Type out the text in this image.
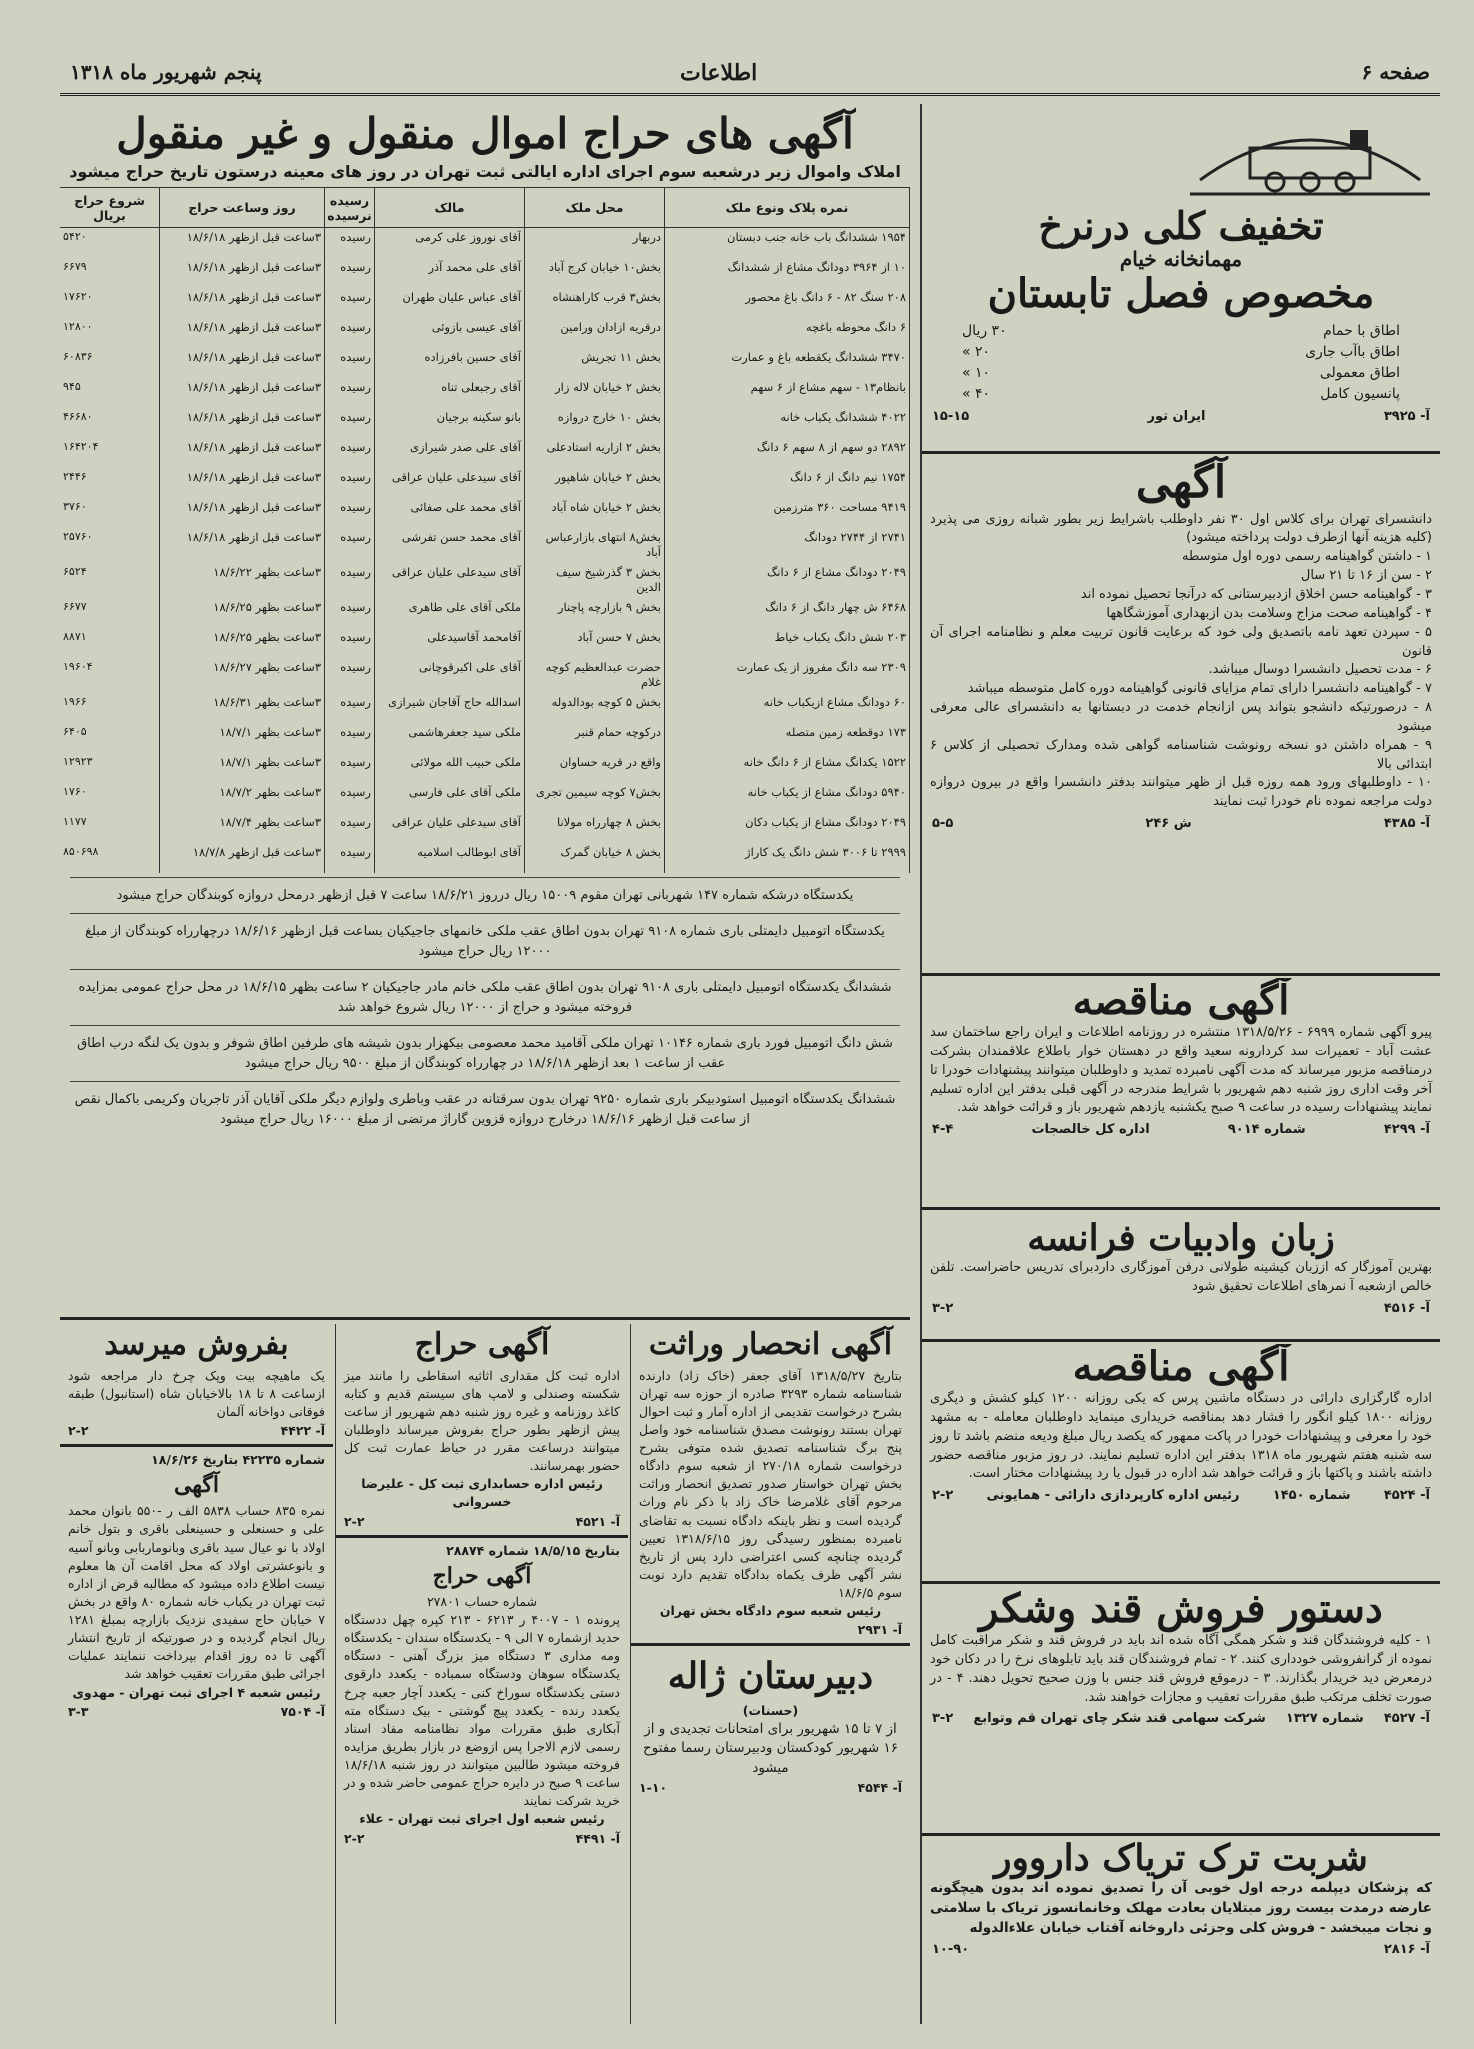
صفحه ۶
اطلاعات
پنجم شهریور ماه ۱۳۱۸
تخفیف کلی درنرخ
مهمانخانه خیام
مخصوص فصل تابستان
اطاق با حمام
۳۰ ریال
اطاق باآب جاری
۲۰ »
اطاق معمولی
۱۰ »
پانسیون کامل
۴۰ »
آ- ۳۹۲۵
ایران تور
۱۵-۱۵
آگهی
دانشسرای تهران برای کلاس اول ۳۰ نفر داوطلب باشرایط زیر بطور شبانه روزی می پذیرد (کلیه هزینه آنها ازطرف دولت پرداخته میشود)
۱ - داشتن گواهینامه رسمی دوره اول متوسطه
۲ - سن از ۱۶ تا ۲۱ سال
۳ - گواهینامه حسن اخلاق ازدبیرستانی که درآنجا تحصیل نموده اند
۴ - گواهینامه صحت مزاج وسلامت بدن ازبهداری آموزشگاهها
۵ - سپردن تعهد نامه باتصدیق ولی خود که برعایت قانون تربیت معلم و نظامنامه اجرای آن قانون
۶ - مدت تحصیل دانشسرا دوسال میباشد.
۷ - گواهینامه دانشسرا دارای تمام مزایای قانونی گواهینامه دوره کامل متوسطه میباشد
۸ - درصورتیکه دانشجو بتواند پس ازانجام خدمت در دبستانها به دانشسرای عالی معرفی میشود
۹ - همراه داشتن دو نسخه رونوشت شناسنامه گواهی شده ومدارک تحصیلی از کلاس ۶ ابتدائی بالا
۱۰ - داوطلبهای ورود همه روزه قبل از ظهر میتوانند بدفتر دانشسرا واقع در بیرون دروازه دولت مراجعه نموده نام خودرا ثبت نمایند
آ- ۴۳۸۵
ش ۲۴۶
۵-۵
آگهی مناقصه
پیرو آگهی شماره ۶۹۹۹ - ۱۳۱۸/۵/۲۶ منتشره در روزنامه اطلاعات و ایران راجع ساختمان سد عشت آباد - تعمیرات سد کردارونه سعید واقع در دهستان خوار باطلاع علاقمندان بشرکت درمناقصه مزبور میرساند که مدت آگهی نامبرده تمدید و داوطلبان میتوانند پیشنهادات خودرا تا آخر وقت اداری روز شنبه دهم شهریور با شرایط مندرجه در آگهی قبلی بدفتر این اداره تسلیم نمایند پیشنهادات رسیده در ساعت ۹ صبح یکشنبه یازدهم شهریور باز و قرائت خواهد شد.
آ- ۴۲۹۹
شماره ۹۰۱۴
اداره کل خالصجات
۴-۴
زبان وادبیات فرانسه
بهترین آموزگار که اززبان کیشینه طولانی درفن آموزگاری داردبرای تدریس حاضراست. تلفن خالص ازشعبه آ نمرهای اطلاعات تحقیق شود
آ- ۴۵۱۶
۳-۲
آگهی مناقصه
اداره گارگزاری دارائی در دستگاه ماشین پرس که یکی روزانه ۱۲۰۰ کیلو کشش و دیگری روزانه ۱۸۰۰ کیلو انگور را فشار دهد بمناقصه خریداری مینماید داوطلبان معامله - به مشهد خود را معرفی و پیشنهادات خودرا در پاکت ممهور که یکصد ریال مبلغ ودیعه منضم باشد تا روز سه شنبه هفتم شهریور ماه ۱۳۱۸ بدفتر این اداره تسلیم نمایند. در روز مزبور مناقصه حضور داشته باشند و پاکتها باز و قرائت خواهد شد اداره در قبول یا رد پیشنهادات مختار است.
آ- ۴۵۲۴
شماره ۱۴۵۰
رئیس اداره کارپردازی دارائی - همایونی
۲-۲
دستور فروش قند وشکر
۱ - کلیه فروشندگان قند و شکر همگی آگاه شده اند باید در فروش قند و شکر مراقبت کامل نموده از گرانفروشی خودداری کنند. ۲ - تمام فروشندگان قند باید تابلوهای نرخ را در دکان خود درمعرض دید خریدار بگذارند. ۳ - درموقع فروش قند جنس با وزن صحیح تحویل دهند. ۴ - در صورت تخلف مرتکب طبق مقررات تعقیب و مجازات خواهند شد.
آ- ۴۵۲۷
شماره ۱۳۲۷
شرکت سهامی قند شکر چای تهران قم وتوابع
۳-۲
شربت ترک تریاک داروور
که پزشکان دیپلمه درجه اول خوبی آن را تصدیق نموده اند بدون هیچگونه عارضه درمدت بیست روز مبتلایان بعادت مهلک وخانمانسوز تریاک با سلامتی و نجات میبخشد - فروش کلی وجزئی داروخانه آفتاب خیابان علاءالدوله
آ- ۲۸۱۶
۱۰-۹۰
آگهی های حراج اموال منقول و غیر منقول
املاک واموال زیر درشعبه سوم اجرای اداره ایالتی ثبت تهران در روز های معینه درستون تاریخ حراج میشود
نمره پلاک ونوع ملک	محل ملک	مالک	رسیده نرسیده	روز وساعت حراج	شروع حراج بریال
۱۹۵۴ ششدانگ باب خانه جنب دبستان	دربهار	آقای نوروز علی کرمی	رسیده	۳ساعت قبل ازظهر ۱۸/۶/۱۸	۵۴۲۰
۱۰ از ۳۹۶۴ دودانگ مشاع از ششدانگ	بخش۱۰ خیابان کرج آباد	آقای علی محمد آذر	رسیده	۳ساعت قبل ازظهر ۱۸/۶/۱۸	۶۶۷۹
۲۰۸ سنگ ۸۲ - ۶ دانگ باغ محصور	بخش۳ قرب کاراهنشاه	آقای عباس علیان طهران	رسیده	۳ساعت قبل ازظهر ۱۸/۶/۱۸	۱۷۶۲۰
۶ دانگ محوطه باغچه	درقریه ازادان ورامین	آقای عیسی بازوئی	رسیده	۳ساعت قبل ازظهر ۱۸/۶/۱۸	۱۲۸۰۰
۳۴۷۰ ششدانگ یکقطعه باغ و عمارت	بخش ۱۱ تجریش	آقای حسین بافرزاده	رسیده	۳ساعت قبل ازظهر ۱۸/۶/۱۸	۶۰۸۳۶
بانظام۱۳ - سهم مشاع از ۶ سهم	بخش ۲ خیابان لاله زار	آقای رجبعلی تناه	رسیده	۳ساعت قبل ازظهر ۱۸/۶/۱۸	۹۴۵
۴۰۲۲ ششدانگ یکباب خانه	بخش ۱۰ خارج دروازه	بانو سکینه برجیان	رسیده	۳ساعت قبل ازظهر ۱۸/۶/۱۸	۴۶۶۸۰
۲۸۹۲ دو سهم از ۸ سهم ۶ دانگ	بخش ۲ ازاریه استادعلی	آقای علی صدر شیرازی	رسیده	۳ساعت قبل ازظهر ۱۸/۶/۱۸	۱۶۴۲۰۴
۱۷۵۴ نیم دانگ از ۶ دانگ	بخش ۲ خیابان شاهپور	آقای سیدعلی علیان عراقی	رسیده	۳ساعت قبل ازظهر ۱۸/۶/۱۸	۲۴۴۶
۹۴۱۹ مساحت ۳۶۰ مترزمین	بخش ۲ خیابان شاه آباد	آقای محمد علی صفائی	رسیده	۳ساعت قبل ازظهر ۱۸/۶/۱۸	۳۷۶۰
۲۷۴۱ از ۲۷۴۴ دودانگ	بخش۸ انتهای بازارعباس آباد	آقای محمد حسن تفرشی	رسیده	۳ساعت قبل ازظهر ۱۸/۶/۱۸	۲۵۷۶۰
۲۰۴۹ دودانگ مشاع از ۶ دانگ	بخش ۳ گذرشیخ سیف الدین	آقای سیدعلی علیان عراقی	رسیده	۳ساعت بظهر ۱۸/۶/۲۲	۶۵۲۴
۶۴۶۸ ش چهار دانگ از ۶ دانگ	بخش ۹ بازارچه پاچنار	ملکی آقای علی طاهری	رسیده	۳ساعت بظهر ۱۸/۶/۲۵	۶۶۷۷
۲۰۳ شش دانگ یکباب خیاط	بخش ۷ حسن آباد	آقامحمد آقاسیدعلی	رسیده	۳ساعت بظهر ۱۸/۶/۲۵	۸۸۷۱
۲۳۰۹ سه دانگ مفروز از یک عمارت	حضرت عبدالعظیم کوچه غلام	آقای علی اکبرقوچانی	رسیده	۳ساعت بظهر ۱۸/۶/۲۷	۱۹۶۰۴
۶۰ دودانگ مشاع ازیکباب خانه	بخش ۵ کوچه بودالدوله	اسدالله حاج آقاجان شیرازی	رسیده	۳ساعت بظهر ۱۸/۶/۳۱	۱۹۶۶
۱۷۳ دوقطعه زمین متصله	درکوچه حمام قنبر	ملکی سید جعفرهاشمی	رسیده	۳ساعت بظهر ۱۸/۷/۱	۶۴۰۵
۱۵۲۲ یکدانگ مشاع از ۶ دانگ خانه	واقع در قریه حساوان	ملکی حبیب الله مولائی	رسیده	۳ساعت بظهر ۱۸/۷/۱	۱۲۹۲۳
۵۹۴۰ دودانگ مشاع از یکباب خانه	بخش۷ کوچه سیمین تجری	ملکی آقای علی فارسی	رسیده	۳ساعت بظهر ۱۸/۷/۲	۱۷۶۰
۲۰۴۹ دودانگ مشاع از یکباب دکان	بخش ۸ چهارراه مولانا	آقای سیدعلی علیان عراقی	رسیده	۳ساعت بظهر ۱۸/۷/۴	۱۱۷۷
۲۹۹۹ تا ۳۰۰۶ شش دانگ یک کاراژ	بخش ۸ خیابان گمرک	آقای ابوطالب اسلامیه	رسیده	۳ساعت قبل ازظهر ۱۸/۷/۸	۸۵۰۶۹۸

یکدستگاه درشکه شماره ۱۴۷ شهربانی تهران مقوم ۱۵۰۰۹ ریال درروز ۱۸/۶/۲۱ ساعت ۷ قبل ازظهر درمحل دروازه کوبندگان حراج میشود

یکدستگاه اتومبیل دایمتلی باری شماره ۹۱۰۸ تهران بدون اطاق عقب ملکی خانمهای جاجیکیان بساعت قبل ازظهر ۱۸/۶/۱۶ درچهارراه کوبندگان از مبلغ ۱۲۰۰۰ ریال حراج میشود

ششدانگ یکدستگاه اتومبیل دایمتلی باری ۹۱۰۸ تهران بدون اطاق عقب ملکی خانم مادر جاجیکیان ۲ ساعت بظهر ۱۸/۶/۱۵ در محل حراج عمومی بمزایده فروخته میشود و حراج از ۱۲۰۰۰ ریال شروع خواهد شد

شش دانگ اتومبیل فورد باری شماره ۱۰۱۴۶ تهران ملکی آقامید محمد معصومی بیکهزار بدون شیشه های طرفین اطاق شوفر و بدون یک لنگه درب اطاق عقب از ساعت ۱ بعد ازظهر ۱۸/۶/۱۸ در چهارراه کوبندگان از مبلغ ۹۵۰۰ ریال حراج میشود

ششدانگ یکدستگاه اتومبیل استودبیکر باری شماره ۹۲۵۰ تهران بدون سرقتانه در عقب وباطری ولوازم دیگر ملکی آقایان آذر تاجریان وکریمی باکمال نقص از ساعت قبل ازظهر ۱۸/۶/۱۶ درخارج دروازه قزوین گاراژ مرتضی از مبلغ ۱۶۰۰۰ ریال حراج میشود

آگهی انحصار وراثت
بتاریخ ۱۳۱۸/۵/۲۷ آقای جعفر (خاک زاد) دارنده شناسنامه شماره ۳۲۹۳ صادره از حوزه سه تهران بشرح درخواست تقدیمی از اداره آمار و ثبت احوال تهران بستند رونوشت مصدق شناسنامه خود واصل پنج برگ شناسنامه تصدیق شده متوفی بشرح درخواست شماره ۲۷۰/۱۸ از شعبه سوم دادگاه بخش تهران خواستار صدور تصدیق انحصار وراثت مرحوم آقای غلامرضا خاک زاد با ذکر نام وراث گردیده است و نظر باینکه دادگاه نسبت به تقاضای نامبرده بمنظور رسیدگی روز ۱۳۱۸/۶/۱۵ تعیین گردیده چنانچه کسی اعتراضی دارد پس از تاریخ نشر آگهی ظرف یکماه بدادگاه تقدیم دارد نوبت سوم ۱۸/۶/۵
رئیس شعبه سوم دادگاه بخش تهران
آ- ۲۹۳۱
دبیرستان ژاله
(حسنات)
از ۷ تا ۱۵ شهریور برای امتحانات تجدیدی و از ۱۶ شهریور کودکستان ودبیرستان رسما مفتوح میشود
آ- ۴۵۴۴
۱-۱۰
آگهی حراج
اداره ثبت کل مقداری اثاثیه اسقاطی را مانند میز شکسته وصندلی و لامپ های سیستم قدیم و کتابه کاغذ روزنامه و غیره روز شنبه دهم شهریور از ساعت پیش ازظهر بطور حراج بفروش میرساند داوطلبان میتوانند درساعت مقرر در حیاط عمارت ثبت کل حضور بهمرسانند.
رئیس اداره حسابداری ثبت کل - علیرضا خسروانی
آ- ۴۵۲۱
۲-۲
بتاریخ ۱۸/۵/۱۵ شماره ۲۸۸۷۴
آگهی حراج
شماره حساب ۲۷۸۰۱
پرونده ۱ - ۴۰۰۷ ر ۶۲۱۳ - ۲۱۳ کپره چهل ددستگاه حدید ازشماره ۷ الی ۹ - یکدستگاه سندان - یکدستگاه ومه مداری ۳ دستگاه میز بزرگ آهنی - دستگاه یکدستگاه سوهان ودستگاه سمباده - یکعدد دارقوی دستی یکدستگاه سوراخ کنی - یکعدد آچار جعبه چرخ یکعدد رنده - یکعدد پیچ گوشتی - بیک دستگاه مته آبکاری طبق مقررات مواد نظامنامه مفاد اسناد رسمی لازم الاجرا پس ازوضع در بازار بطریق مزایده فروخته میشود طالبین میتوانند در روز شنبه ۱۸/۶/۱۸ ساعت ۹ صبح در دایره حراج عمومی حاضر شده و در خرید شرکت نمایند
رئیس شعبه اول اجرای ثبت تهران - علاء
آ- ۴۴۹۱
۲-۲
بفروش میرسد
یک ماهیچه بیت وپک چرخ دار مراجعه شود ازساعت ۸ تا ۱۸ بالاخیابان شاه (استانبول) طبقه فوقانی دواخانه آلمان
آ- ۴۴۲۲
۲-۲
شماره ۴۲۲۳۵ بتاریخ ۱۸/۶/۲۶
آگهی
نمره ۸۳۵ حساب ۵۸۳۸ الف ر -۵۵۰ بانوان محمد علی و حسنعلی و حسینعلی باقری و بتول خانم اولاد با نو عیال سید باقری وبانوماربابی وبانو آسیه و بانوعشرتی اولاد که محل اقامت آن ها معلوم نیست اطلاع داده میشود که مطالبه قرض از اداره ثبت تهران در یکباب خانه شماره ۸۰ واقع در بخش ۷ خیابان حاج سفیدی نزدیک بازارچه بمبلغ ۱۲۸۱ ریال انجام گردیده و در صورتیکه از تاریخ انتشار آگهی تا ده روز اقدام بپرداخت ننمایند عملیات اجرائی طبق مقررات تعقیب خواهد شد
رئیس شعبه ۴ اجرای ثبت تهران - مهدوی
آ- ۷۵۰۴
۳-۳
